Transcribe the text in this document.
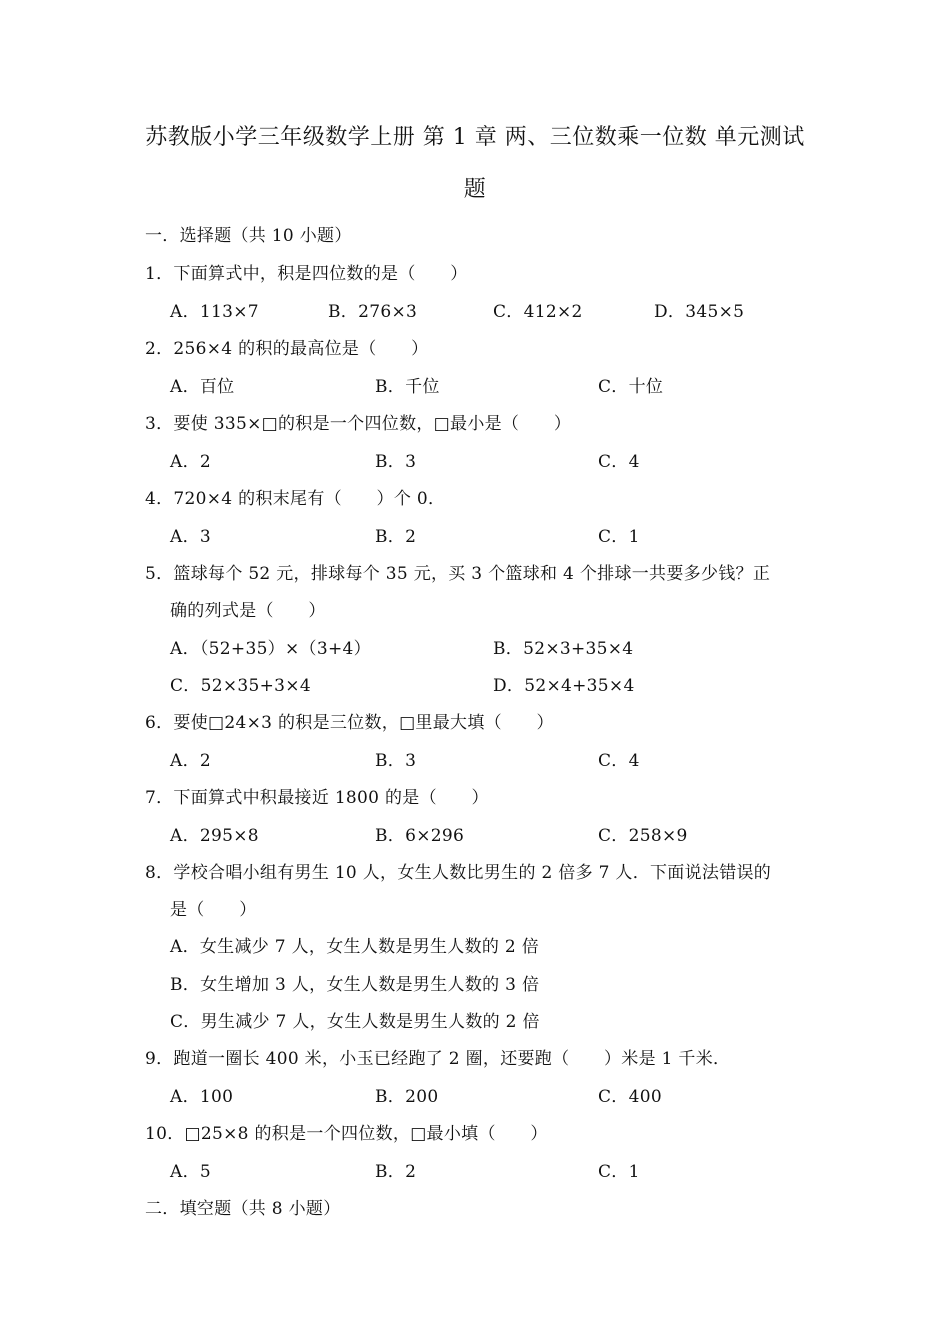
苏教版小学三年级数学上册 第 1 章 两、三位数乘一位数 单元测试
题
一．选择题（共 10 小题）
1．下面算式中，积是四位数的是（　　）
A．113×7	B．276×3	C．412×2	D．345×5
2．256×4 的积的最高位是（　　）
A．百位	B．千位	C．十位
3．要使 335×□的积是一个四位数，□最小是（　　）
A．2	B．3	C．4
4．720×4 的积末尾有（　　）个 0．
A．3	B．2	C．1
5．篮球每个 52 元，排球每个 35 元，买 3 个篮球和 4 个排球一共要多少钱？正
确的列式是（　　）
A．（52+35）×（3+4）	B．52×3+35×4
C．52×35+3×4	D．52×4+35×4
6．要使□24×3 的积是三位数，□里最大填（　　）
A．2	B．3	C．4
7．下面算式中积最接近 1800 的是（　　）
A．295×8	B．6×296	C．258×9
8．学校合唱小组有男生 10 人，女生人数比男生的 2 倍多 7 人．下面说法错误的
是（　　）
A．女生减少 7 人，女生人数是男生人数的 2 倍
B．女生增加 3 人，女生人数是男生人数的 3 倍
C．男生减少 7 人，女生人数是男生人数的 2 倍
9．跑道一圈长 400 米，小玉已经跑了 2 圈，还要跑（　　）米是 1 千米．
A．100	B．200	C．400
10．□25×8 的积是一个四位数，□最小填（　　）
A．5	B．2	C．1
二．填空题（共 8 小题）
